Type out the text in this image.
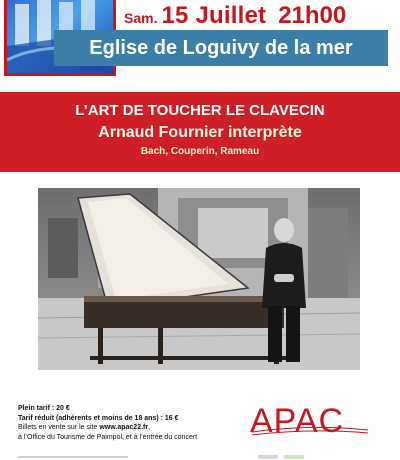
Sam. 15 Juillet 21h00
Eglise de Loguivy de la mer
L’ART DE TOUCHER LE CLAVECIN
Arnaud Fournier interprète
Bach, Couperin, Rameau
Plein tarif : 20 €
Tarif réduit (adhérents et moins de 18 ans) : 16 €
Billets en vente sur le site www.apac22.fr,
à l’Office du Tourisme de Paimpol, et à l’entrée du concert	APAC
